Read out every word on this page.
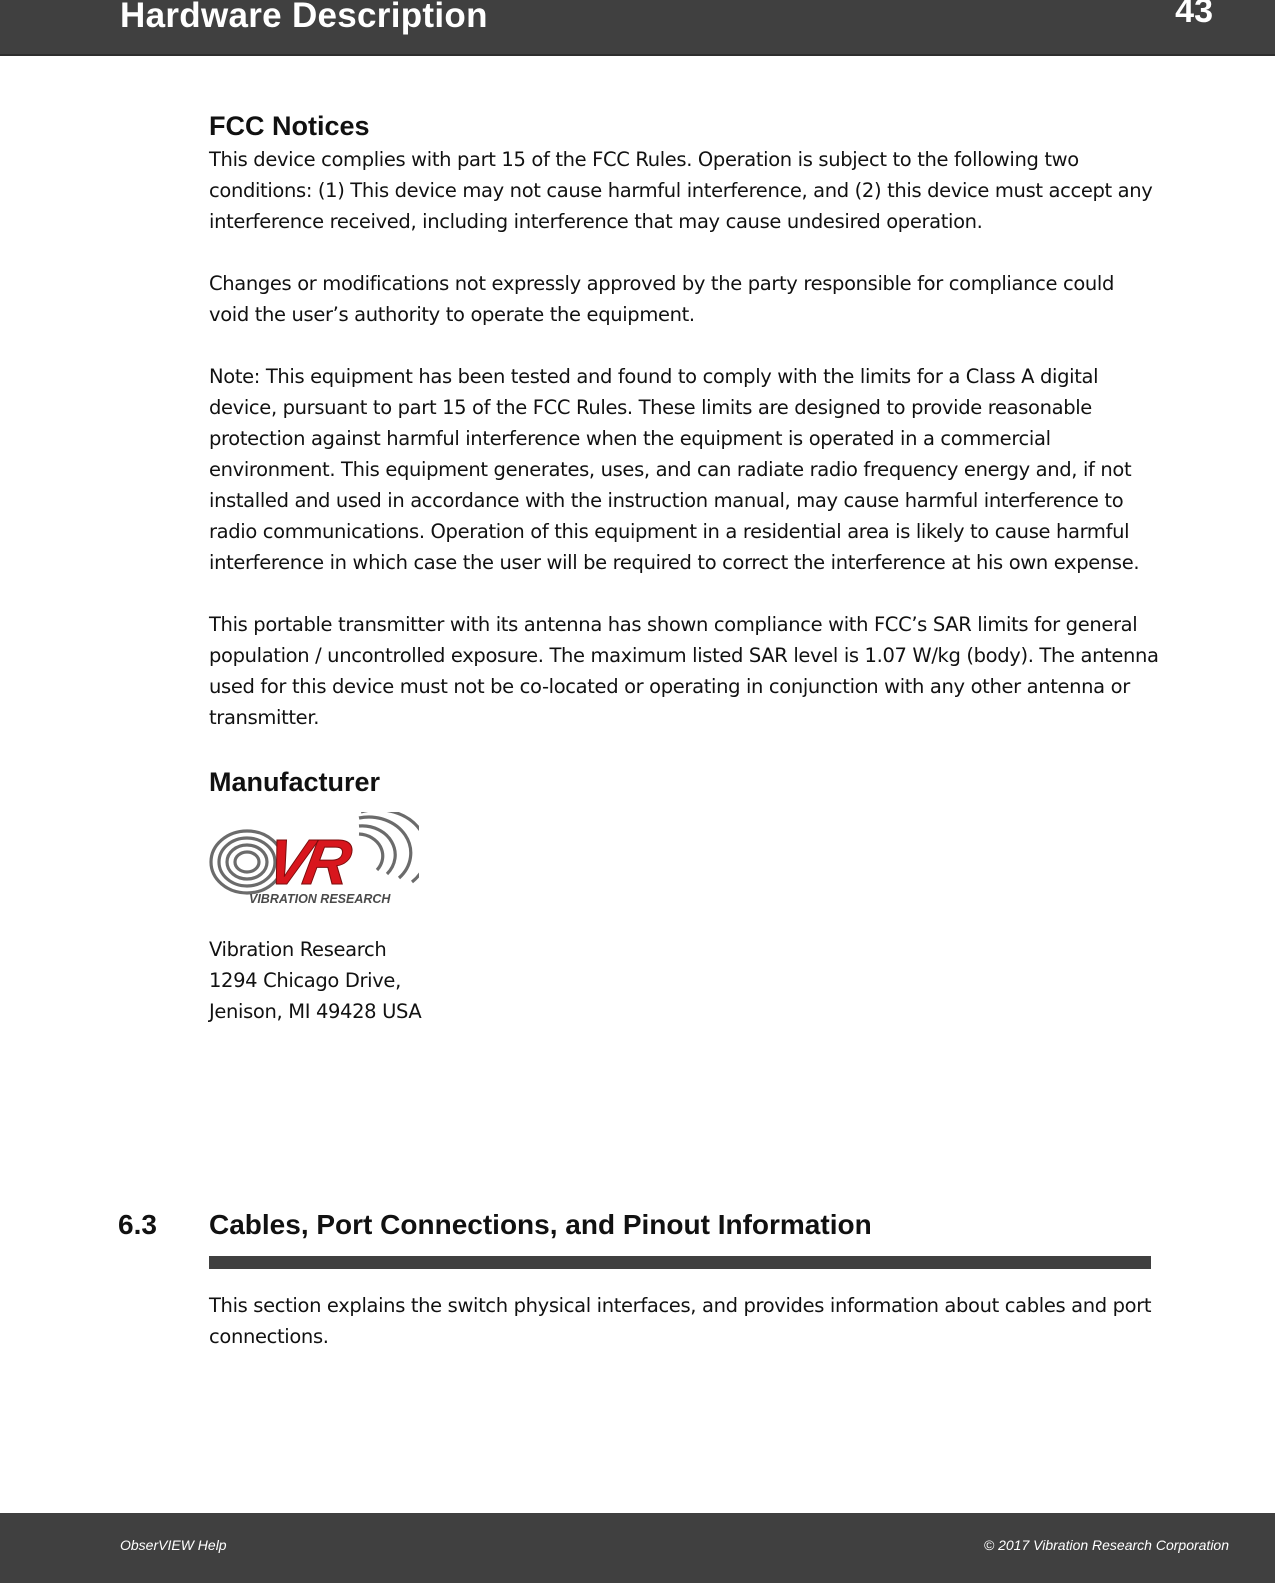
Hardware Description	43
FCC Notices

This device complies with part 15 of the FCC Rules. Operation is subject to the following two conditions: (1) This device may not cause harmful interference, and (2) this device must accept any interference received, including interference that may cause undesired operation.

Changes or modifications not expressly approved by the party responsible for compliance could void the user’s authority to operate the equipment.

Note: This equipment has been tested and found to comply with the limits for a Class A digital device, pursuant to part 15 of the FCC Rules. These limits are designed to provide reasonable protection against harmful interference when the equipment is operated in a commercial environment. This equipment generates, uses, and can radiate radio frequency energy and, if not installed and used in accordance with the instruction manual, may cause harmful interference to radio communications. Operation of this equipment in a residential area is likely to cause harmful interference in which case the user will be required to correct the interference at his own expense.

This portable transmitter with its antenna has shown compliance with FCC’s SAR limits for general population / uncontrolled exposure. The maximum listed SAR level is 1.07 W/kg (body). The antenna used for this device must not be co-located or operating in conjunction with any other antenna or transmitter.

Manufacturer
VR
VIBRATION RESEARCH
Vibration Research
1294 Chicago Drive,
Jenison, MI 49428 USA
6.3 Cables, Port Connections, and Pinout Information

This section explains the switch physical interfaces, and provides information about cables and port connections.

ObserVIEW Help	© 2017 Vibration Research Corporation
